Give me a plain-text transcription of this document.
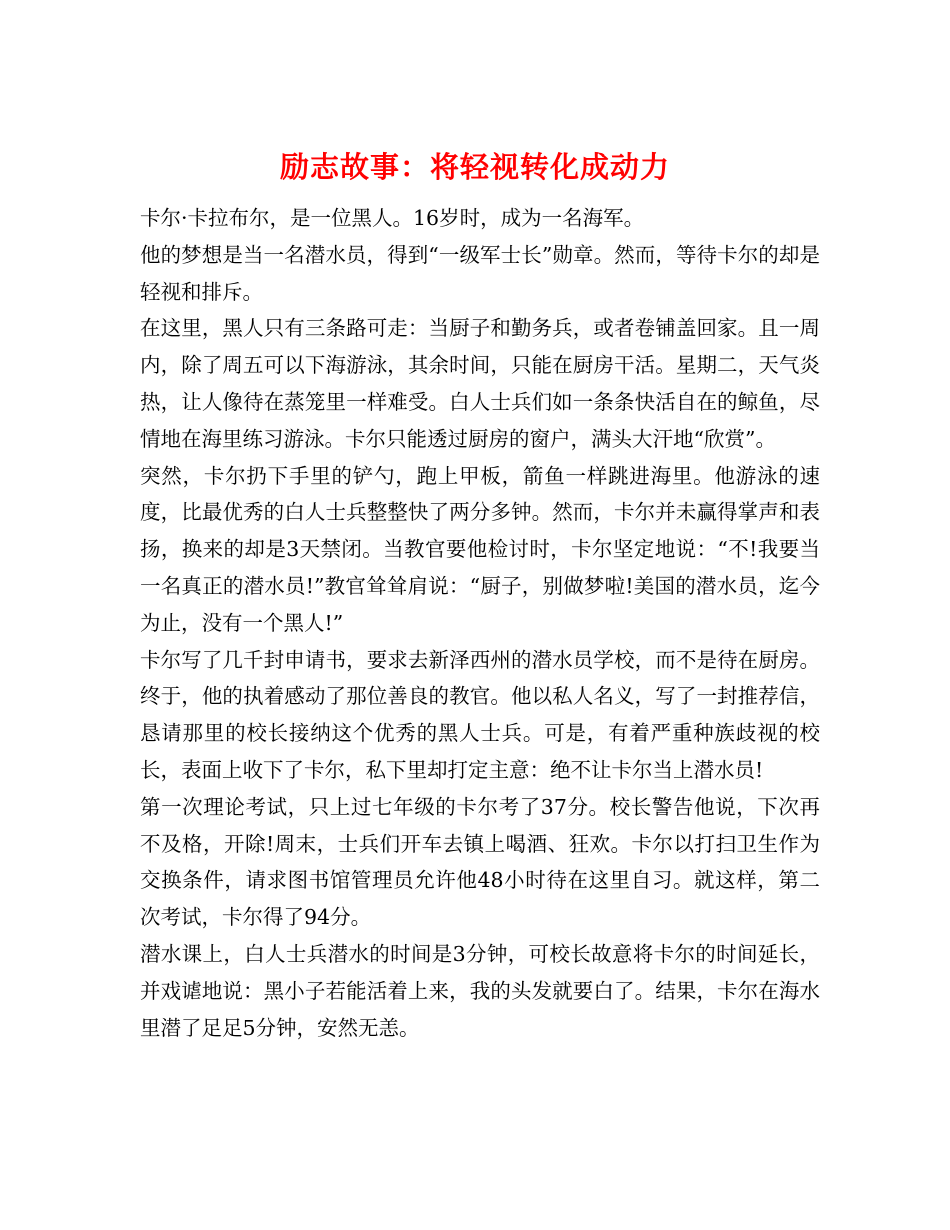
励志故事：将轻视转化成动力

卡尔·卡拉布尔，是一位黑人。16岁时，成为一名海军。

他的梦想是当一名潜水员，得到“一级军士长”勋章。然而，等待卡尔的却是轻视和排斥。

在这里，黑人只有三条路可走：当厨子和勤务兵，或者卷铺盖回家。且一周内，除了周五可以下海游泳，其余时间，只能在厨房干活。星期二，天气炎热，让人像待在蒸笼里一样难受。白人士兵们如一条条快活自在的鲸鱼，尽情地在海里练习游泳。卡尔只能透过厨房的窗户，满头大汗地“欣赏”。

突然，卡尔扔下手里的铲勺，跑上甲板，箭鱼一样跳进海里。他游泳的速度，比最优秀的白人士兵整整快了两分多钟。然而，卡尔并未赢得掌声和表扬，换来的却是3天禁闭。当教官要他检讨时，卡尔坚定地说：“不!我要当一名真正的潜水员!”教官耸耸肩说：“厨子，别做梦啦!美国的潜水员，迄今为止，没有一个黑人!”

卡尔写了几千封申请书，要求去新泽西州的潜水员学校，而不是待在厨房。终于，他的执着感动了那位善良的教官。他以私人名义，写了一封推荐信，恳请那里的校长接纳这个优秀的黑人士兵。可是，有着严重种族歧视的校长，表面上收下了卡尔，私下里却打定主意：绝不让卡尔当上潜水员!

第一次理论考试，只上过七年级的卡尔考了37分。校长警告他说，下次再不及格，开除!周末，士兵们开车去镇上喝酒、狂欢。卡尔以打扫卫生作为交换条件，请求图书馆管理员允许他48小时待在这里自习。就这样，第二次考试，卡尔得了94分。

潜水课上，白人士兵潜水的时间是3分钟，可校长故意将卡尔的时间延长，并戏谑地说：黑小子若能活着上来，我的头发就要白了。结果，卡尔在海水里潜了足足5分钟，安然无恙。
